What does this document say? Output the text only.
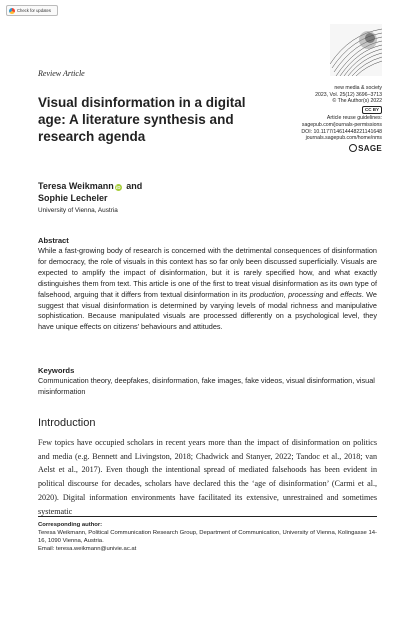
Check for updates
Review Article
new media & society
2023, Vol. 25(12) 3696–3713
© The Author(s) 2022
CC BY
Article reuse guidelines:
sagepub.com/journals-permissions
DOI: 10.1177/14614448221141648
journals.sagepub.com/home/nms
SAGE
Visual disinformation in a digital age: A literature synthesis and research agenda
Teresa Weikmann iD and
Sophie Lecheler
University of Vienna, Austria
Abstract
While a fast-growing body of research is concerned with the detrimental consequences of disinformation for democracy, the role of visuals in this context has so far only been discussed superficially. Visuals are expected to amplify the impact of disinformation, but it is rarely specified how, and what exactly distinguishes them from text. This article is one of the first to treat visual disinformation as its own type of falsehood, arguing that it differs from textual disinformation in its production, processing and effects. We suggest that visual disinformation is determined by varying levels of modal richness and manipulative sophistication. Because manipulated visuals are processed differently on a psychological level, they have unique effects on citizens’ behaviours and attitudes.
Keywords
Communication theory, deepfakes, disinformation, fake images, fake videos, visual disinformation, visual misinformation
Introduction
Few topics have occupied scholars in recent years more than the impact of disinformation on politics and media (e.g. Bennett and Livingston, 2018; Chadwick and Stanyer, 2022; Tandoc et al., 2018; van Aelst et al., 2017). Even though the intentional spread of mediated falsehoods has been evident in political discourse for decades, scholars have declared this the ‘age of disinformation’ (Carmi et al., 2020). Digital information environments have facilitated its extensive, unrestrained and sometimes systematic
Corresponding author:
Teresa Weikmann, Political Communication Research Group, Department of Communication, University of Vienna, Kolingasse 14-16, 1090 Vienna, Austria.
Email: teresa.weikmann@univie.ac.at
